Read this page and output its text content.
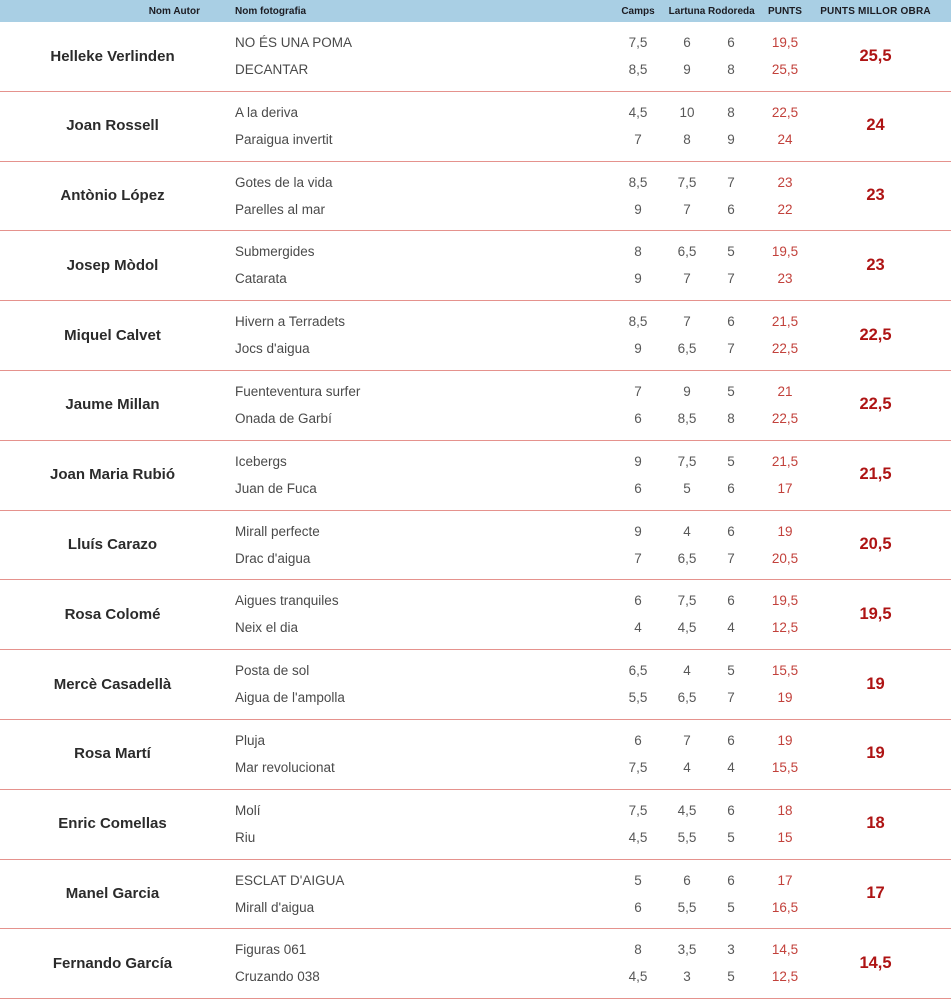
Nom Autor	Nom fotografia	Camps	Lartuna Rodoreda	PUNTS	PUNTS MILLOR OBRA
Helleke Verlinden
NO ÉS UNA POMA	7,5	6	6	19,5
DECANTAR	8,5	9	8	25,5
25,5
Joan Rossell
A la deriva	4,5	10	8	22,5
Paraigua invertit	7	8	9	24
24
Antònio López
Gotes de la vida	8,5	7,5	7	23
Parelles al mar	9	7	6	22
23
Josep Mòdol
Submergides	8	6,5	5	19,5
Catarata	9	7	7	23
23
Miquel Calvet
Hivern a Terradets	8,5	7	6	21,5
Jocs d'aigua	9	6,5	7	22,5
22,5
Jaume Millan
Fuenteventura surfer	7	9	5	21
Onada de Garbí	6	8,5	8	22,5
22,5
Joan Maria Rubió
Icebergs	9	7,5	5	21,5
Juan de Fuca	6	5	6	17
21,5
Lluís Carazo
Mirall perfecte	9	4	6	19
Drac d'aigua	7	6,5	7	20,5
20,5
Rosa Colomé
Aigues tranquiles	6	7,5	6	19,5
Neix el dia	4	4,5	4	12,5
19,5
Mercè Casadellà
Posta de sol	6,5	4	5	15,5
Aigua de l'ampolla	5,5	6,5	7	19
19
Rosa Martí
Pluja	6	7	6	19
Mar revolucionat	7,5	4	4	15,5
19
Enric Comellas
Molí	7,5	4,5	6	18
Riu	4,5	5,5	5	15
18
Manel Garcia
ESCLAT D'AIGUA	5	6	6	17
Mirall d'aigua	6	5,5	5	16,5
17
Fernando García
Figuras 061	8	3,5	3	14,5
Cruzando 038	4,5	3	5	12,5
14,5
